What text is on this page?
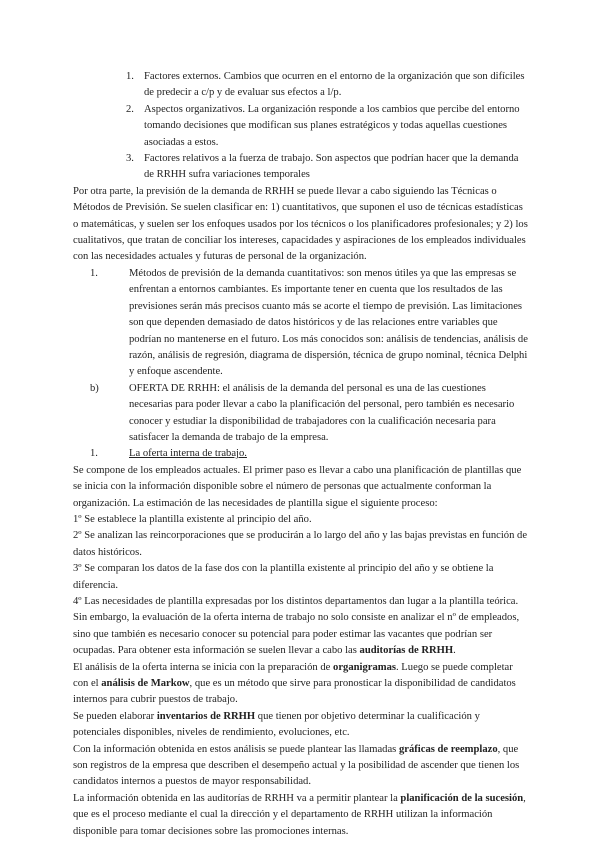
1. Factores externos. Cambios que ocurren en el entorno de la organización que son difíciles de predecir a c/p y de evaluar sus efectos a l/p.
2. Aspectos organizativos. La organización responde a los cambios que percibe del entorno tomando decisiones que modifican sus planes estratégicos y todas aquellas cuestiones asociadas a estos.
3. Factores relativos a la fuerza de trabajo. Son aspectos que podrían hacer que la demanda de RRHH sufra variaciones temporales

Por otra parte, la previsión de la demanda de RRHH se puede llevar a cabo siguiendo las Técnicas o Métodos de Previsión. Se suelen clasificar en: 1) cuantitativos, que suponen el uso de técnicas estadísticas o matemáticas, y suelen ser los enfoques usados por los técnicos o los planificadores profesionales; y 2) los cualitativos, que tratan de conciliar los intereses, capacidades y aspiraciones de los empleados individuales con las necesidades actuales y futuras de personal de la organización.

1.	Métodos de previsión de la demanda cuantitativos: son menos útiles ya que las empresas se enfrentan a entornos cambiantes. Es importante tener en cuenta que los resultados de las previsiones serán más precisos cuanto más se acorte el tiempo de previsión. Las limitaciones son que dependen demasiado de datos históricos y de las relaciones entre variables que podrían no mantenerse en el futuro. Los más conocidos son: análisis de tendencias, análisis de razón, análisis de regresión, diagrama de dispersión, técnica de grupo nominal, técnica Delphi y enfoque ascendente.
b)	OFERTA DE RRHH: el análisis de la demanda del personal es una de las cuestiones necesarias para poder llevar a cabo la planificación del personal, pero también es necesario conocer y estudiar la disponibilidad de trabajadores con la cualificación necesaria para satisfacer la demanda de trabajo de la empresa.
1.	La oferta interna de trabajo.

Se compone de los empleados actuales. El primer paso es llevar a cabo una planificación de plantillas que se inicia con la información disponible sobre el número de personas que actualmente conforman la organización. La estimación de las necesidades de plantilla sigue el siguiente proceso:

1º Se establece la plantilla existente al principio del año.

2º Se analizan las reincorporaciones que se producirán a lo largo del año y las bajas previstas en función de datos históricos.

3º Se comparan los datos de la fase dos con la plantilla existente al principio del año y se obtiene la diferencia.

4º Las necesidades de plantilla expresadas por los distintos departamentos dan lugar a la plantilla teórica.

Sin embargo, la evaluación de la oferta interna de trabajo no solo consiste en analizar el nº de empleados, sino que también es necesario conocer su potencial para poder estimar las vacantes que podrían ser ocupadas. Para obtener esta información se suelen llevar a cabo las auditorías de RRHH.

El análisis de la oferta interna se inicia con la preparación de organigramas. Luego se puede completar con el análisis de Markow, que es un método que sirve para pronosticar la disponibilidad de candidatos internos para cubrir puestos de trabajo.

Se pueden elaborar inventarios de RRHH que tienen por objetivo determinar la cualificación y potenciales disponibles, niveles de rendimiento, evoluciones, etc.

Con la información obtenida en estos análisis se puede plantear las llamadas gráficas de reemplazo, que son registros de la empresa que describen el desempeño actual y la posibilidad de ascender que tienen los candidatos internos a puestos de mayor responsabilidad.

La información obtenida en las auditorías de RRHH va a permitir plantear la planificación de la sucesión, que es el proceso mediante el cual la dirección y el departamento de RRHH utilizan la información disponible para tomar decisiones sobre las promociones internas.
